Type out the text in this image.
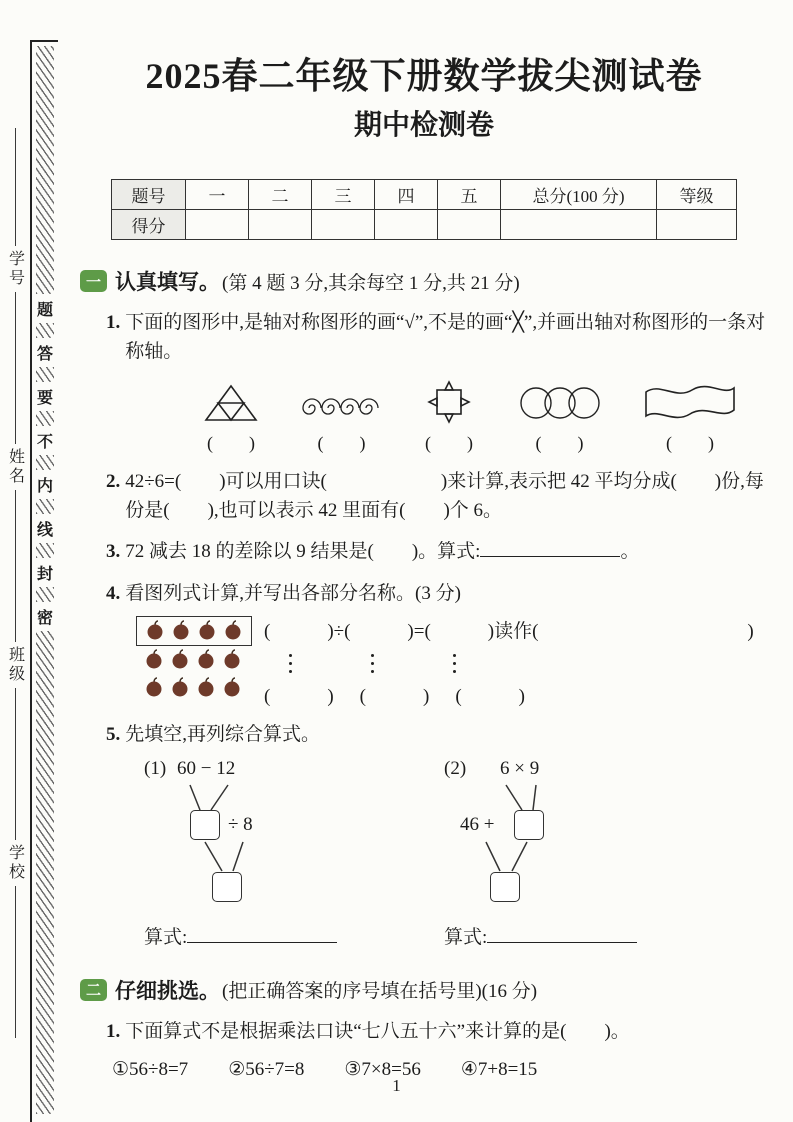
学号
姓名
班级
学校
题
答
要
不
内
线
封
密
2025春二年级下册数学拔尖测试卷
期中检测卷
题号	一	二	三	四	五	总分(100 分)	等级
得分							
一 认真填写。 (第 4 题 3 分,其余每空 1 分,共 21 分)
1. 下面的图形中,是轴对称图形的画“√”,不是的画“╳”,并画出轴对称图形的一条对称轴。
(　　)	(　　)	(　　)	(　　)	(　　)
2. 42÷6=(　　)可以用口诀(　　　　　　)来计算,表示把 42 平均分成(　　)份,每份是(　　),也可以表示 42 里面有(　　)个 6。
3. 72 减去 18 的差除以 9 结果是(　　)。算式:	。
4. 看图列式计算,并写出各部分名称。(3 分)
(　　　)÷(　　　)=(　　　)读作(　　　　　　　　　　　)
(　　　) (　　　) (　　　)
5. 先填空,再列综合算式。
(1) 60 − 12
÷ 8
(2) 6 × 9
46 +
算式:	算式:
二 仔细挑选。 (把正确答案的序号填在括号里)(16 分)
1. 下面算式不是根据乘法口诀“七八五十六”来计算的是(　　)。
①56÷8=7 ②56÷7=8 ③7×8=56 ④7+8=15
1
